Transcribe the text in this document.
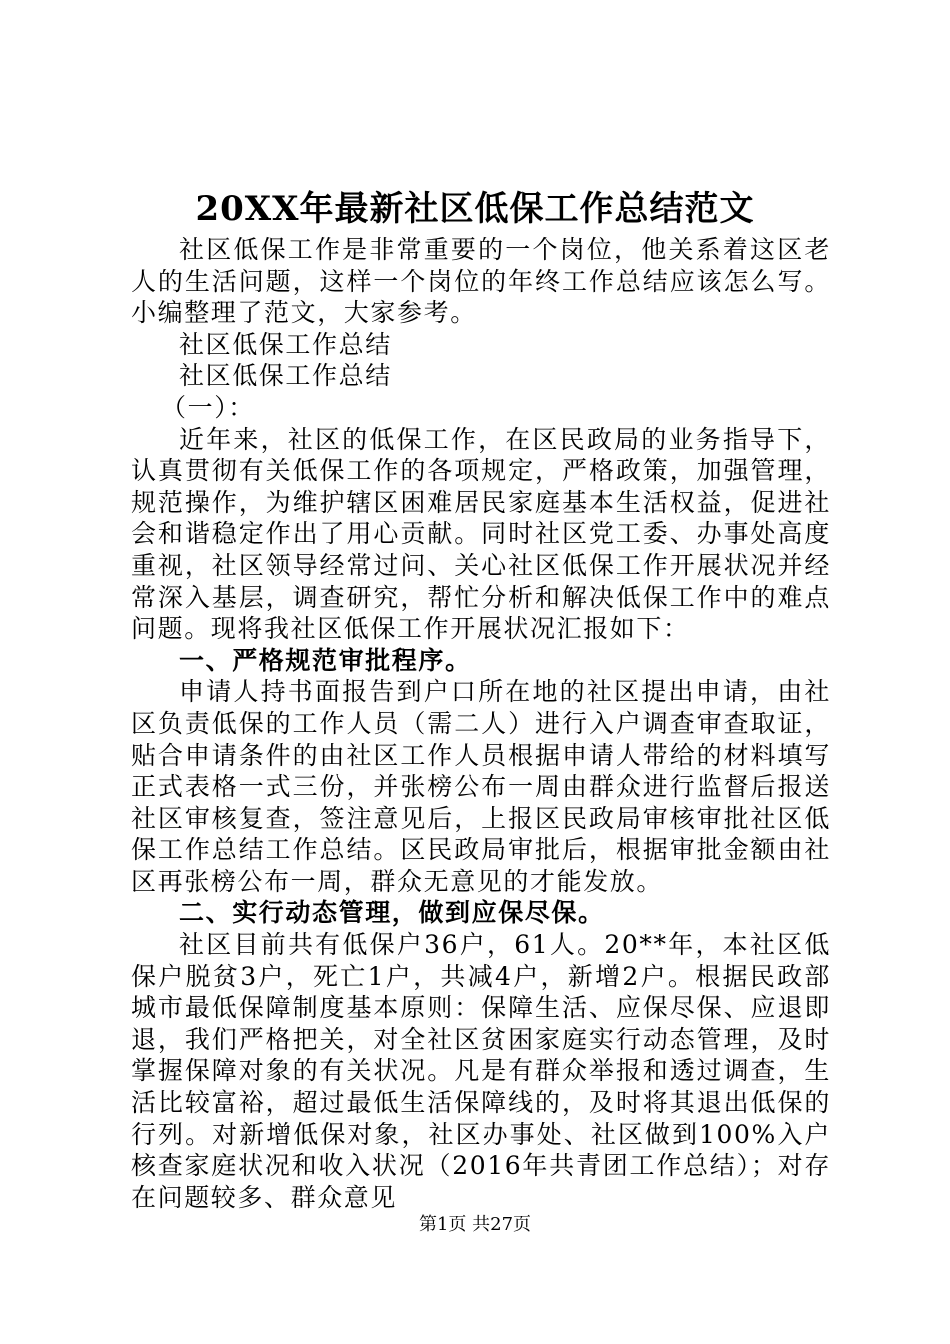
20XX年最新社区低保工作总结范文

社区低保工作是非常重要的一个岗位，他关系着这区老人的生活问题，这样一个岗位的年终工作总结应该怎么写。小编整理了范文，大家参考。

社区低保工作总结

社区低保工作总结

（一）：

近年来，社区的低保工作，在区民政局的业务指导下，认真贯彻有关低保工作的各项规定，严格政策，加强管理，规范操作，为维护辖区困难居民家庭基本生活权益，促进社会和谐稳定作出了用心贡献。同时社区党工委、办事处高度重视，社区领导经常过问、关心社区低保工作开展状况并经常深入基层，调查研究，帮忙分析和解决低保工作中的难点问题。现将我社区低保工作开展状况汇报如下：

一、严格规范审批程序。

申请人持书面报告到户口所在地的社区提出申请，由社区负责低保的工作人员（需二人）进行入户调查审查取证，贴合申请条件的由社区工作人员根据申请人带给的材料填写正式表格一式三份，并张榜公布一周由群众进行监督后报送社区审核复查，签注意见后，上报区民政局审核审批社区低保工作总结工作总结。区民政局审批后，根据审批金额由社区再张榜公布一周，群众无意见的才能发放。

二、实行动态管理，做到应保尽保。

社区目前共有低保户36户，61人。20**年，本社区低保户脱贫3户，死亡1户，共减4户，新增2户。根据民政部城市最低保障制度基本原则：保障生活、应保尽保、应退即退，我们严格把关，对全社区贫困家庭实行动态管理，及时掌握保障对象的有关状况。凡是有群众举报和透过调查，生活比较富裕，超过最低生活保障线的，及时将其退出低保的行列。对新增低保对象，社区办事处、社区做到100%入户核查家庭状况和收入状况（2016年共青团工作总结）；对存在问题较多、群众意见

第1页 共27页
